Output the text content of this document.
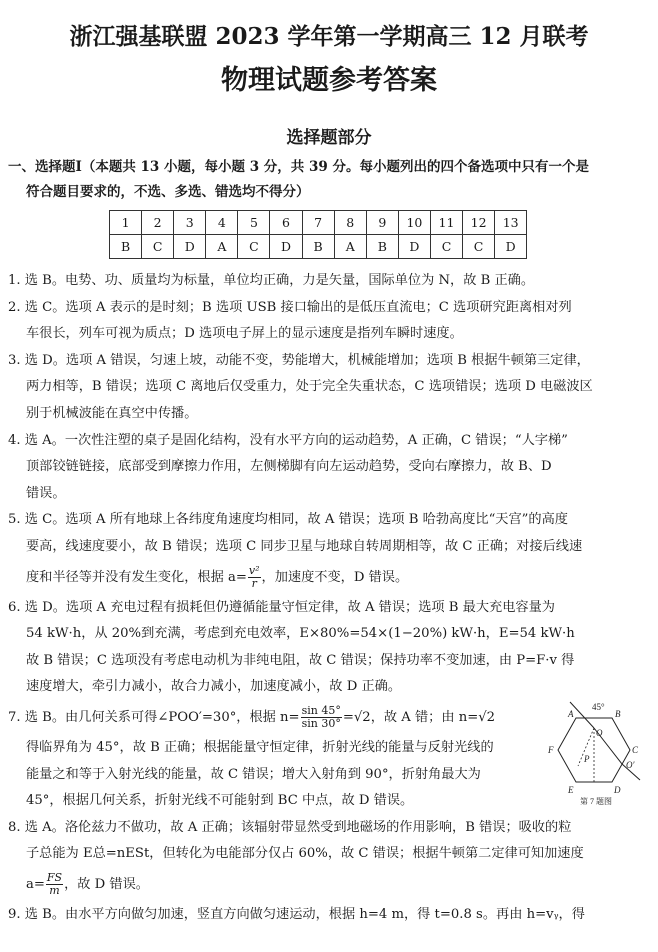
浙江强基联盟 2023 学年第一学期高三 12 月联考
物理试题参考答案
选择题部分
一、选择题Ⅰ（本题共 13 小题，每小题 3 分，共 39 分。每小题列出的四个备选项中只有一个是
符合题目要求的，不选、多选、错选均不得分）
1	2	3	4	5	6	7	8	9	10	11	12	13
B	C	D	A	C	D	B	A	B	D	C	C	D

1. 选 B。电势、功、质量均为标量，单位均正确，力是矢量，国际单位为 N，故 B 正确。

2. 选 C。选项 A 表示的是时刻；B 选项 USB 接口输出的是低压直流电；C 选项研究距离相对列

车很长，列车可视为质点；D 选项电子屏上的显示速度是指列车瞬时速度。

3. 选 D。选项 A 错误，匀速上坡，动能不变，势能增大，机械能增加；选项 B 根据牛顿第三定律，

两力相等，B 错误；选项 C 离地后仅受重力，处于完全失重状态，C 选项错误；选项 D 电磁波区

别于机械波能在真空中传播。

4. 选 A。一次性注塑的桌子是固化结构，没有水平方向的运动趋势，A 正确，C 错误；“人字梯”

顶部铰链链接，底部受到摩擦力作用，左侧梯脚有向左运动趋势，受向右摩擦力，故 B、D

错误。

5. 选 C。选项 A 所有地球上各纬度角速度均相同，故 A 错误；选项 B 哈勃高度比“天宫”的高度

要高，线速度要小，故 B 错误；选项 C 同步卫星与地球自转周期相等，故 C 正确；对接后线速

度和半径等并没有发生变化，根据 $a= \frac{\text{v²}}{r}$ ，加速度不变，D 错误。

6. 选 D。选项 A 充电过程有损耗但仍遵循能量守恒定律，故 A 错误；选项 B 最大充电容量为

54 kW·h，从 20%到充满，考虑到充电效率，E×80%=54×(1−20%) kW·h，E=54 kW·h

故 B 错误；C 选项没有考虑电动机为非纯电阻，故 C 错误；保持功率不变加速，由 P=F·v 得

速度增大，牵引力减小，故合力减小，加速度减小，故 D 正确。

7. 选 B。由几何关系可得∠POO′=30°，根据 $n= \frac{\sin 45^\circ}{\sin 30^\circ} =√2$，故 A 错；由 n=√2

得临界角为 45°，故 B 正确；根据能量守恒定律，折射光线的能量与反射光线的

能量之和等于入射光线的能量，故 C 错误；增大入射角到 90°，折射角最大为

45°，根据几何关系，折射光线不可能射到 BC 中点，故 D 错误。

8. 选 A。洛伦兹力不做功，故 A 正确；该辐射带显然受到地磁场的作用影响，B 错误；吸收的粒

子总能为 E总=nESt，但转化为电能部分仅占 60%，故 C 错误；根据牛顿第二定律可知加速度

$a= \frac{FS}{m}$ ，故 D 错误。

9. 选 B。由水平方向做匀加速，竖直方向做匀速运动，根据 h=4 m，得 t=0.8 s。再由 h=vᵧ，得

45°
A	B
C
D
E
F
O
O′
P
第 7 题图
